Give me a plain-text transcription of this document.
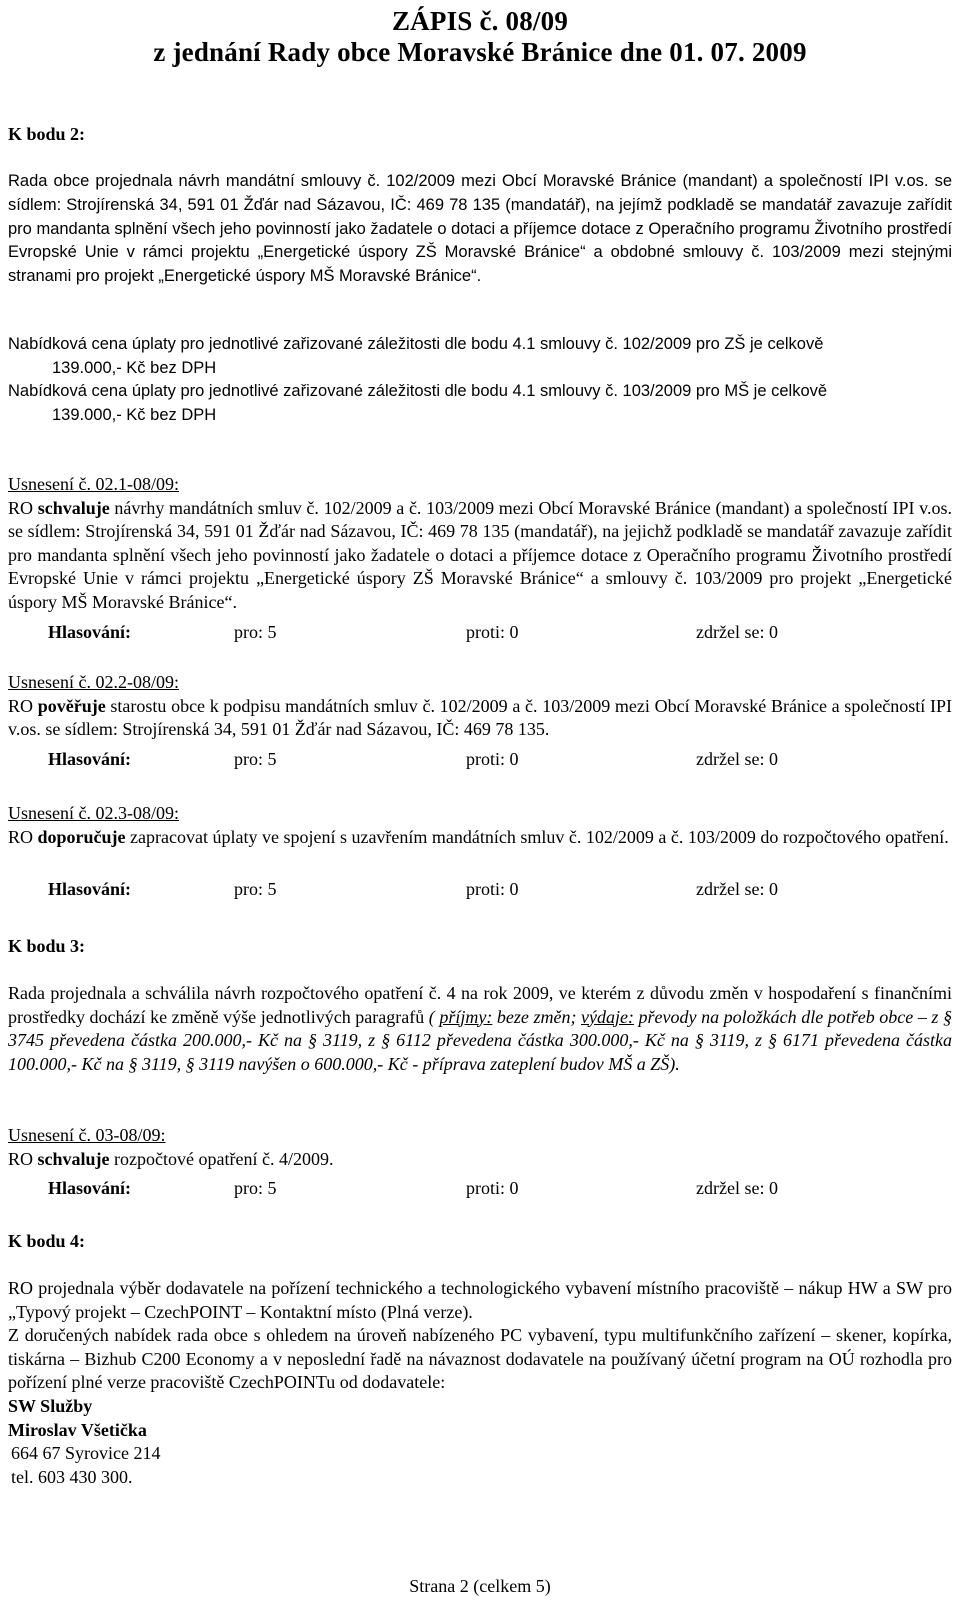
ZÁPIS č. 08/09
z jednání Rady obce Moravské Bránice dne 01. 07. 2009
K bodu 2:

Rada obce projednala návrh mandátní smlouvy č. 102/2009 mezi Obcí Moravské Bránice (mandant) a společností IPI v.os. se sídlem: Strojírenská 34, 591 01 Žďár nad Sázavou, IČ: 469 78 135 (mandatář), na jejímž podkladě se mandatář zavazuje zařídit pro mandanta splnění všech jeho povinností jako žadatele o dotaci a příjemce dotace z Operačního programu Životního prostředí Evropské Unie v rámci projektu „Energetické úspory ZŠ Moravské Bránice“ a obdobné smlouvy č. 103/2009 mezi stejnými stranami pro projekt „Energetické úspory MŠ Moravské Bránice“.

Nabídková cena úplaty pro jednotlivé zařizované záležitosti dle bodu 4.1 smlouvy č. 102/2009 pro ZŠ je celkově

139.000,- Kč bez DPH

Nabídková cena úplaty pro jednotlivé zařizované záležitosti dle bodu 4.1 smlouvy č. 103/2009 pro MŠ je celkově

139.000,- Kč bez DPH

Usnesení č. 02.1-08/09:

RO schvaluje návrhy mandátních smluv č. 102/2009 a č. 103/2009 mezi Obcí Moravské Bránice (mandant) a společností IPI v.os. se sídlem: Strojírenská 34, 591 01 Žďár nad Sázavou, IČ: 469 78 135 (mandatář), na jejichž podkladě se mandatář zavazuje zařídit pro mandanta splnění všech jeho povinností jako žadatele o dotaci a příjemce dotace z Operačního programu Životního prostředí Evropské Unie v rámci projektu „Energetické úspory ZŠ Moravské Bránice“ a smlouvy č. 103/2009 pro projekt „Energetické úspory MŠ Moravské Bránice“.

Hlasování:	pro: 5	proti: 0	zdržel se: 0

Usnesení č. 02.2-08/09:

RO pověřuje starostu obce k podpisu mandátních smluv č. 102/2009 a č. 103/2009 mezi Obcí Moravské Bránice a společností IPI v.os. se sídlem: Strojírenská 34, 591 01 Žďár nad Sázavou, IČ: 469 78 135.

Hlasování:	pro: 5	proti: 0	zdržel se: 0

Usnesení č. 02.3-08/09:

RO doporučuje zapracovat úplaty ve spojení s uzavřením mandátních smluv č. 102/2009 a č. 103/2009 do rozpočtového opatření.

Hlasování:	pro: 5	proti: 0	zdržel se: 0
K bodu 3:

Rada projednala a schválila návrh rozpočtového opatření č. 4 na rok 2009, ve kterém z důvodu změn v hospodaření s finančními prostředky dochází ke změně výše jednotlivých paragrafů ( příjmy: beze změn; výdaje: převody na položkách dle potřeb obce – z § 3745 převedena částka 200.000,- Kč na § 3119, z § 6112 převedena částka 300.000,- Kč na § 3119, z § 6171 převedena částka 100.000,- Kč na § 3119, § 3119 navýšen o 600.000,- Kč - příprava zateplení budov MŠ a ZŠ).

Usnesení č. 03-08/09:

RO schvaluje rozpočtové opatření č. 4/2009.

Hlasování:	pro: 5	proti: 0	zdržel se: 0
K bodu 4:

RO projednala výběr dodavatele na pořízení technického a technologického vybavení místního pracoviště – nákup HW a SW pro „Typový projekt – CzechPOINT – Kontaktní místo (Plná verze).

Z doručených nabídek rada obce s ohledem na úroveň nabízeného PC vybavení, typu multifunkčního zařízení – skener, kopírka, tiskárna – Bizhub C200 Economy a v neposlední řadě na návaznost dodavatele na používaný účetní program na OÚ rozhodla pro pořízení plné verze pracoviště CzechPOINTu od dodavatele:

SW Služby

Miroslav Všetička

664 67 Syrovice 214

tel. 603 430 300.

Strana 2 (celkem 5)
